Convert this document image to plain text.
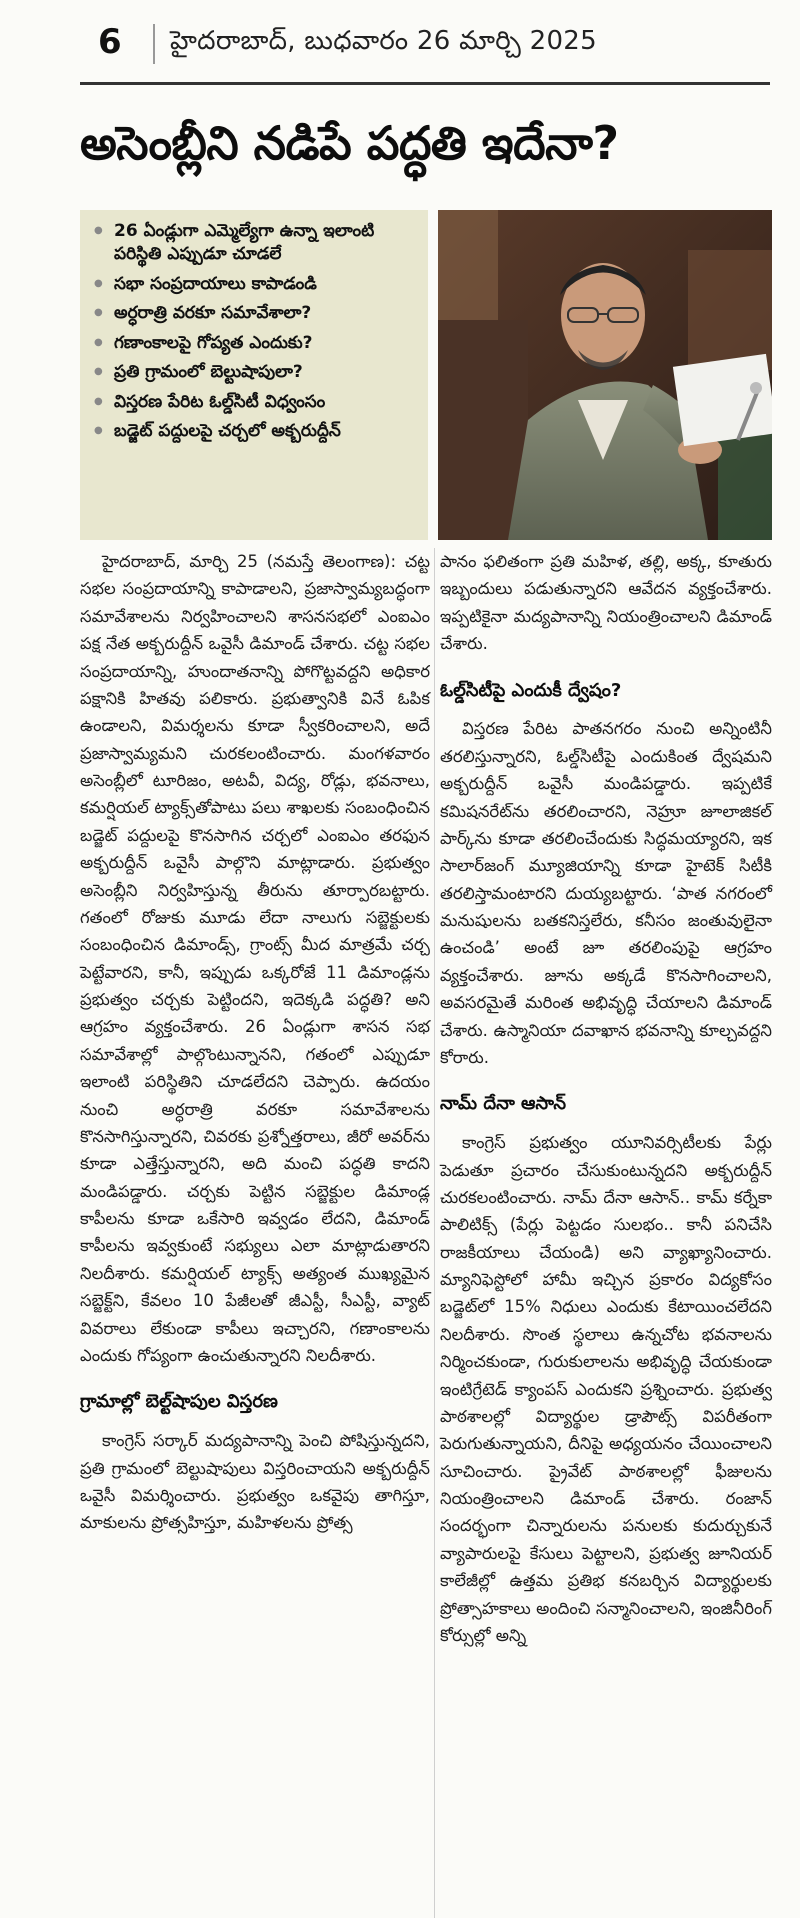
6 హైదరాబాద్, బుధవారం 26 మార్చి 2025
అసెంబ్లీని నడిపే పద్ధతి ఇదేనా?
● 26 ఏండ్లుగా ఎమ్మెల్యేగా ఉన్నా ఇలాంటి పరిస్థితి ఎప్పుడూ చూడలే
● సభా సంప్రదాయాలు కాపాడండి
● అర్ధరాత్రి వరకూ సమావేశాలా?
● గణాంకాలపై గోప్యత ఎందుకు?
● ప్రతి గ్రామంలో బెల్టుషాపులా?
● విస్తరణ పేరిట ఓల్డ్‌సిటీ విధ్వంసం
● బడ్జెట్ పద్దులపై చర్చలో అక్బరుద్దీన్

హైదరాబాద్, మార్చి 25 (నమస్తే తెలంగాణ): చట్ట సభల సంప్రదాయాన్ని కాపాడాలని, ప్రజాస్వామ్యబద్ధంగా సమావేశాలను నిర్వహించాలని శాసనసభలో ఎంఐఎం పక్ష నేత అక్బరుద్దీన్ ఒవైసీ డిమాండ్ చేశారు. చట్ట సభల సంప్రదాయాన్ని, హుందాతనాన్ని పోగొట్టవద్దని అధికార పక్షానికి హితవు పలికారు. ప్రభుత్వానికి వినే ఓపిక ఉండాలని, విమర్శలను కూడా స్వీకరించాలని, అదే ప్రజాస్వామ్యమని చురకలంటించారు. మంగళవారం అసెంబ్లీలో టూరిజం, అటవీ, విద్య, రోడ్లు, భవనాలు, కమర్షియల్ ట్యాక్స్‌తోపాటు పలు శాఖలకు సంబంధించిన బడ్జెట్ పద్దులపై కొనసాగిన చర్చలో ఎంఐఎం తరఫున అక్బరుద్దీన్ ఒవైసీ పాల్గొని మాట్లాడారు. ప్రభుత్వం అసెంబ్లీని నిర్వహిస్తున్న తీరును తూర్పారబట్టారు. గతంలో రోజుకు మూడు లేదా నాలుగు సబ్జెక్టులకు సంబంధించిన డిమాండ్స్, గ్రాంట్స్ మీద మాత్రమే చర్చ పెట్టేవారని, కానీ, ఇప్పుడు ఒక్కరోజే 11 డిమాండ్లను ప్రభుత్వం చర్చకు పెట్టిందని, ఇదెక్కడి పద్ధతి? అని ఆగ్రహం వ్యక్తంచేశారు. 26 ఏండ్లుగా శాసన సభ సమావేశాల్లో పాల్గొంటున్నానని, గతంలో ఎప్పుడూ ఇలాంటి పరిస్థితిని చూడలేదని చెప్పారు. ఉదయం నుంచి అర్ధరాత్రి వరకూ సమావేశాలను కొనసాగిస్తున్నారని, చివరకు ప్రశ్నోత్తరాలు, జీరో అవర్‌ను కూడా ఎత్తేస్తున్నారని, అది మంచి పద్ధతి కాదని మండిపడ్డారు. చర్చకు పెట్టిన సబ్జెక్టుల డిమాండ్ల కాపీలను కూడా ఒకేసారి ఇవ్వడం లేదని, డిమాండ్ కాపీలను ఇవ్వకుంటే సభ్యులు ఎలా మాట్లాడుతారని నిలదీశారు. కమర్షియల్ ట్యాక్స్ అత్యంత ముఖ్యమైన సబ్జెక్ట్‌ని, కేవలం 10 పేజీలతో జీఎస్టీ, సీఎస్టీ, వ్యాట్ వివరాలు లేకుండా కాపీలు ఇచ్చారని, గణాంకాలను ఎందుకు గోప్యంగా ఉంచుతున్నారని నిలదీశారు.

గ్రామాల్లో బెల్ట్‌షాపుల విస్తరణ

కాంగ్రెస్ సర్కార్ మద్యపానాన్ని పెంచి పోషిస్తున్నదని, ప్రతి గ్రామంలో బెల్టుషాపులు విస్తరించాయని అక్బరుద్దీన్ ఒవైసీ విమర్శించారు. ప్రభుత్వం ఒకవైపు తాగిస్తూ, మాకులను ప్రోత్సహిస్తూ, మహిళలను ప్రోత్స

పానం ఫలితంగా ప్రతి మహిళ, తల్లి, అక్క, కూతురు ఇబ్బందులు పడుతున్నారని ఆవేదన వ్యక్తంచేశారు. ఇప్పటికైనా మద్యపానాన్ని నియంత్రించాలని డిమాండ్ చేశారు.

ఓల్డ్‌సిటీపై ఎందుకీ ద్వేషం?

విస్తరణ పేరిట పాతనగరం నుంచి అన్నింటినీ తరలిస్తున్నారని, ఓల్డ్‌సిటీపై ఎందుకింత ద్వేషమని అక్బరుద్దీన్ ఒవైసీ మండిపడ్డారు. ఇప్పటికే కమిషనరేట్‌ను తరలించారని, నెహ్రూ జూలాజికల్ పార్క్‌ను కూడా తరలించేందుకు సిద్ధమయ్యారని, ఇక సాలార్‌జంగ్ మ్యూజియాన్ని కూడా హైటెక్ సిటీకి తరలిస్తామంటారని దుయ్యబట్టారు. ‘పాత నగరంలో మనుషులను బతకనిస్తలేరు, కనీసం జంతువులైనా ఉంచండి’ అంటే జూ తరలింపుపై ఆగ్రహం వ్యక్తంచేశారు. జూను అక్కడే కొనసాగించాలని, అవసరమైతే మరింత అభివృద్ధి చేయాలని డిమాండ్ చేశారు. ఉస్మానియా దవాఖాన భవనాన్ని కూల్చవద్దని కోరారు.

నామ్ దేనా ఆసాన్

కాంగ్రెస్ ప్రభుత్వం యూనివర్సిటీలకు పేర్లు పెడుతూ ప్రచారం చేసుకుంటున్నదని అక్బరుద్దీన్ చురకలంటించారు. నామ్ దేనా ఆసాన్.. కామ్ కర్నేకా పాలిటిక్స్ (పేర్లు పెట్టడం సులభం.. కానీ పనిచేసి రాజకీయాలు చేయండి) అని వ్యాఖ్యానించారు. మ్యానిఫెస్టోలో హామీ ఇచ్చిన ప్రకారం విద్యకోసం బడ్జెట్‌లో 15% నిధులు ఎందుకు కేటాయించలేదని నిలదీశారు. సొంత స్థలాలు ఉన్నచోట భవనాలను నిర్మించకుండా, గురుకులాలను అభివృద్ధి చేయకుండా ఇంటిగ్రేటెడ్ క్యాంపస్ ఎందుకని ప్రశ్నించారు. ప్రభుత్వ పాఠశాలల్లో విద్యార్థుల డ్రాపౌట్స్ విపరీతంగా పెరుగుతున్నాయని, దీనిపై అధ్యయనం చేయించాలని సూచించారు. ప్రైవేట్ పాఠశాలల్లో ఫీజులను నియంత్రించాలని డిమాండ్ చేశారు. రంజాన్ సందర్భంగా చిన్నారులను పనులకు కుదుర్చుకునే వ్యాపారులపై కేసులు పెట్టాలని, ప్రభుత్వ జూనియర్ కాలేజీల్లో ఉత్తమ ప్రతిభ కనబర్చిన విద్యార్థులకు ప్రోత్సాహకాలు అందించి సన్మానించాలని, ఇంజినీరింగ్ కోర్సుల్లో అన్ని
